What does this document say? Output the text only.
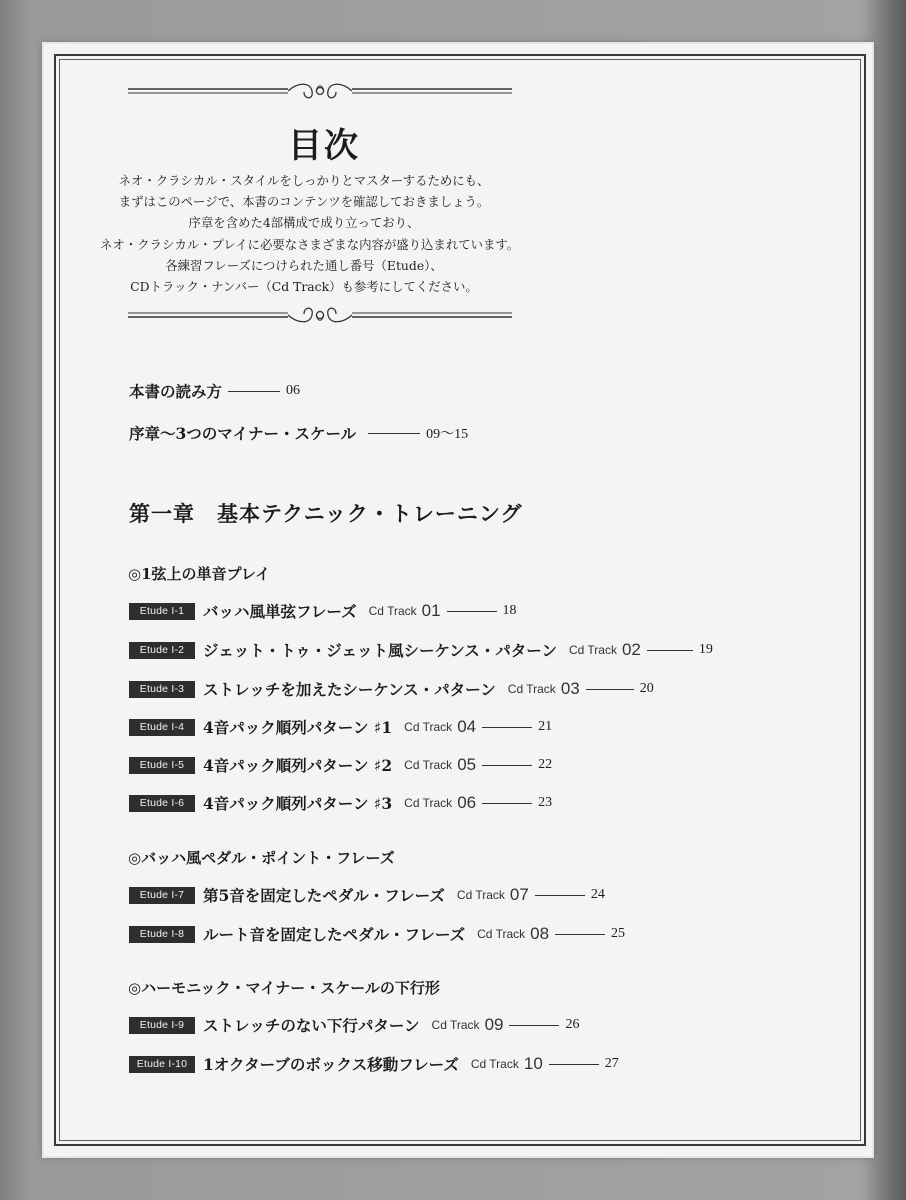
目次
ネオ・クラシカル・スタイルをしっかりとマスターするためにも、
まずはこのページで、本書のコンテンツを確認しておきましょう。
序章を含めた4部構成で成り立っており、
ネオ・クラシカル・プレイに必要なさまざまな内容が盛り込まれています。
各練習フレーズにつけられた通し番号（Etude）、
CDトラック・ナンバー（Cd Track）も参考にしてください。
本書の読み方	06
序章〜3つのマイナー・スケール	09〜15
第一章　基本テクニック・トレーニング
◎1弦上の単音プレイ
Etude I-1	バッハ風単弦フレーズ Cd Track 01	18
Etude I-2	ジェット・トゥ・ジェット風シーケンス・パターン Cd Track 02	19
Etude I-3	ストレッチを加えたシーケンス・パターン Cd Track 03	20
Etude I-4	4音パック順列パターン ♯1 Cd Track 04	21
Etude I-5	4音パック順列パターン ♯2 Cd Track 05	22
Etude I-6	4音パック順列パターン ♯3 Cd Track 06	23
◎バッハ風ペダル・ポイント・フレーズ
Etude I-7	第5音を固定したペダル・フレーズ Cd Track 07	24
Etude I-8	ルート音を固定したペダル・フレーズ Cd Track 08	25
◎ハーモニック・マイナー・スケールの下行形
Etude I-9	ストレッチのない下行パターン Cd Track 09	26
Etude I-10	1オクターブのボックス移動フレーズ Cd Track 10	27
